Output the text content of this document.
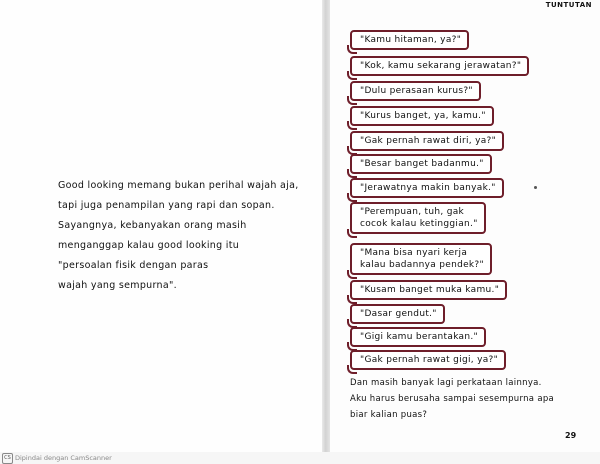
TUNTUTAN
Good looking memang bukan perihal wajah aja,
tapi juga penampilan yang rapi dan sopan.
Sayangnya, kebanyakan orang masih
menganggap kalau good looking itu
"persoalan fisik dengan paras
wajah yang sempurna".
"Kamu hitaman, ya?"
"Kok, kamu sekarang jerawatan?"
"Dulu perasaan kurus?"
"Kurus banget, ya, kamu."
"Gak pernah rawat diri, ya?"
"Besar banget badanmu."
"Jerawatnya makin banyak."
"Perempuan, tuh, gak
cocok kalau ketinggian."
"Mana bisa nyari kerja
kalau badannya pendek?"
"Kusam banget muka kamu."
"Dasar gendut."
"Gigi kamu berantakan."
"Gak pernah rawat gigi, ya?"
Dan masih banyak lagi perkataan lainnya.
Aku harus berusaha sampai sesempurna apa
biar kalian puas?
29
CS Dipindai dengan CamScanner
